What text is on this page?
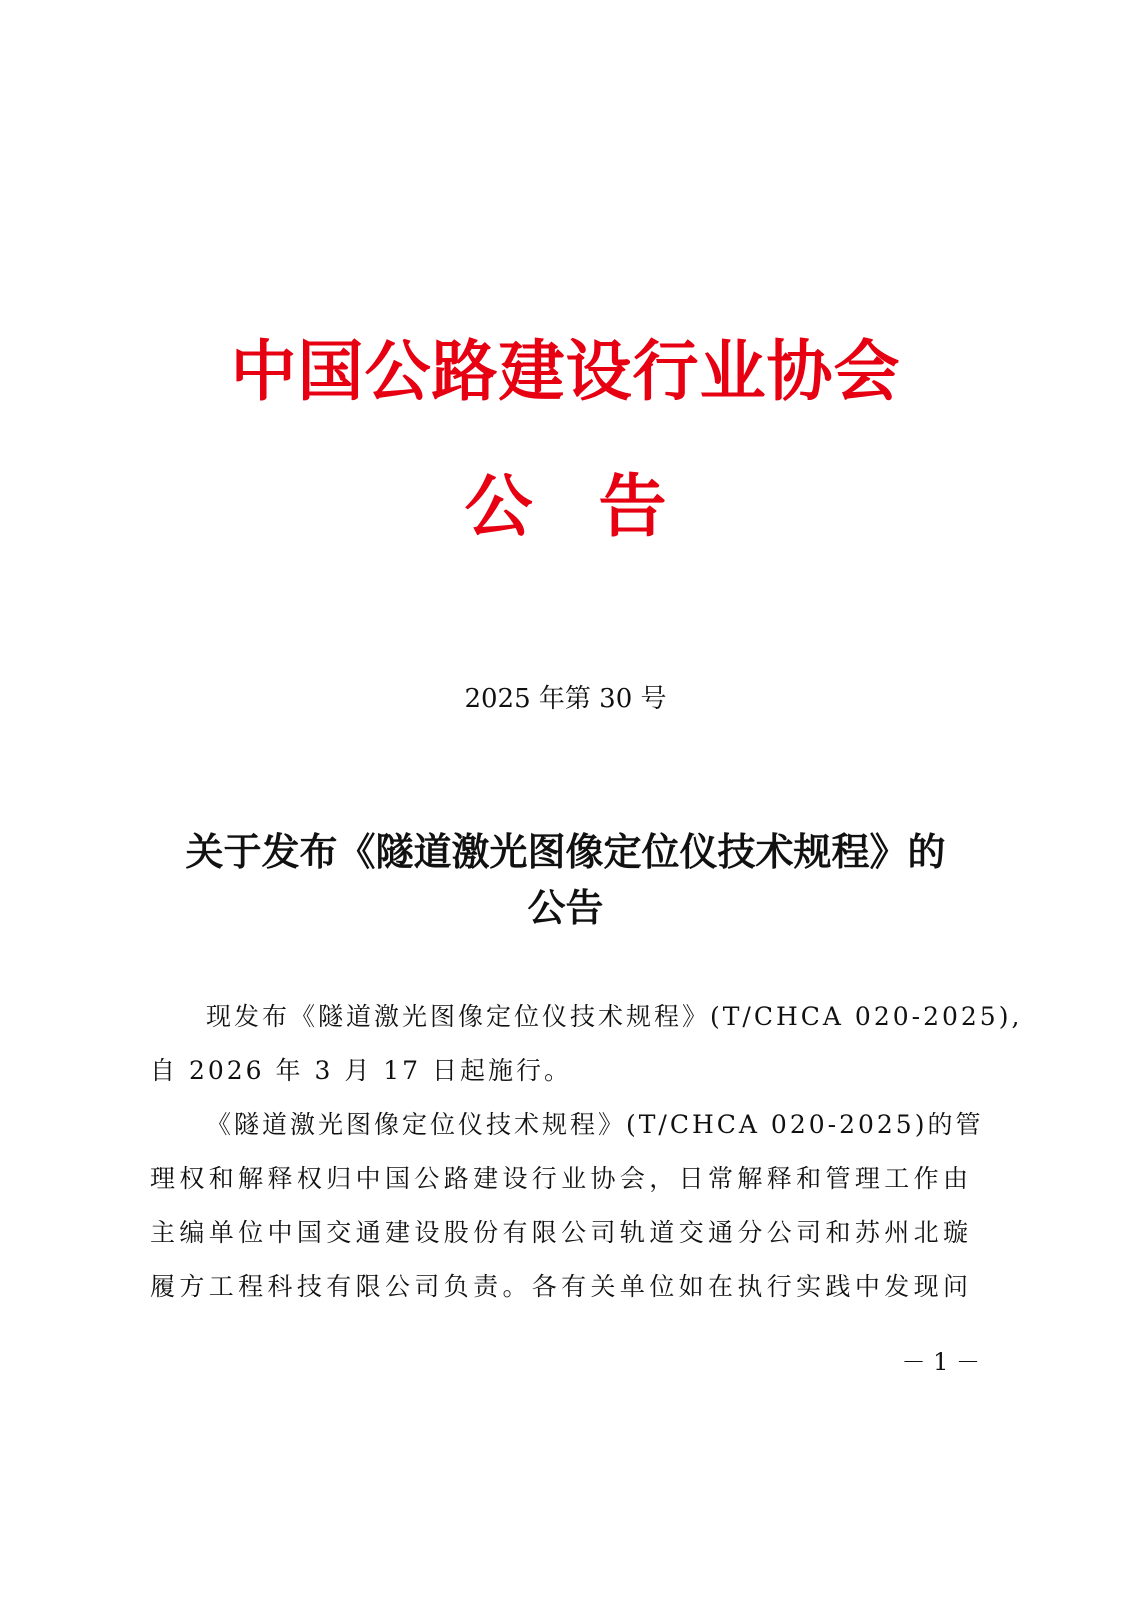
中国公路建设行业协会
公告
2025 年第 30 号
关于发布《隧道激光图像定位仪技术规程》的
公告
现发布《隧道激光图像定位仪技术规程》(T/CHCA 020-2025),
自 2026 年 3 月 17 日起施行。
《隧道激光图像定位仪技术规程》(T/CHCA 020-2025)的管
理权和解释权归中国公路建设行业协会，日常解释和管理工作由
主编单位中国交通建设股份有限公司轨道交通分公司和苏州北璇
履方工程科技有限公司负责。各有关单位如在执行实践中发现问
－ 1 －
